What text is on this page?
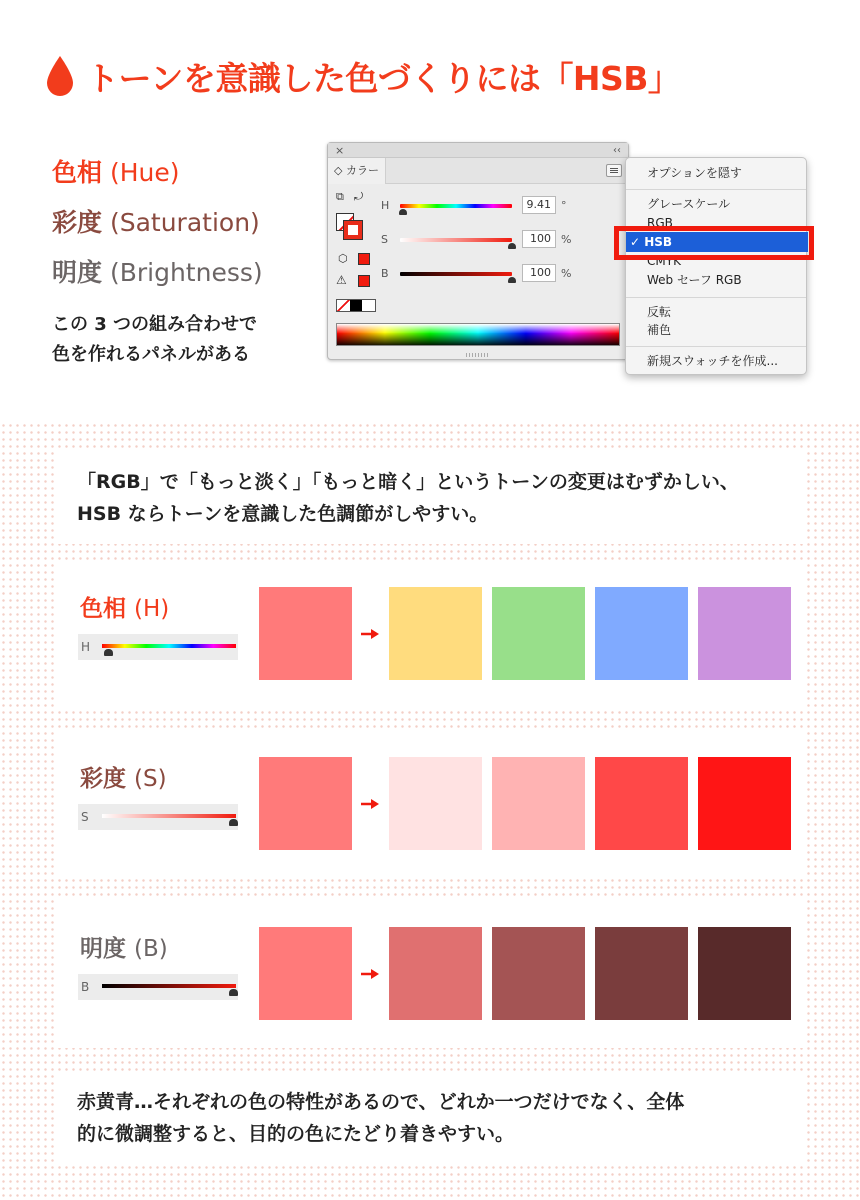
トーンを意識した色づくりには「HSB」
色相 (Hue)
彩度 (Saturation)
明度 (Brightness)
この 3 つの組み合わせで
色を作れるパネルがある
×	‹‹
◇ カラー
⧉ ⤾
⬡
⚠
H	9.41 °
S	100 %
B	100 %
オプションを隠す
グレースケール
RGB
✓ HSB
CMYK
Web セーフ RGB
反転
補色
新規スウォッチを作成...
「RGB」で「もっと淡く」「もっと暗く」というトーンの変更はむずかしい、
HSB ならトーンを意識した色調節がしやすい。
色相 (H)
彩度 (S)
明度 (B)
H
S
B
赤黄青…それぞれの色の特性があるので、どれか一つだけでなく、全体
的に微調整すると、目的の色にたどり着きやすい。
